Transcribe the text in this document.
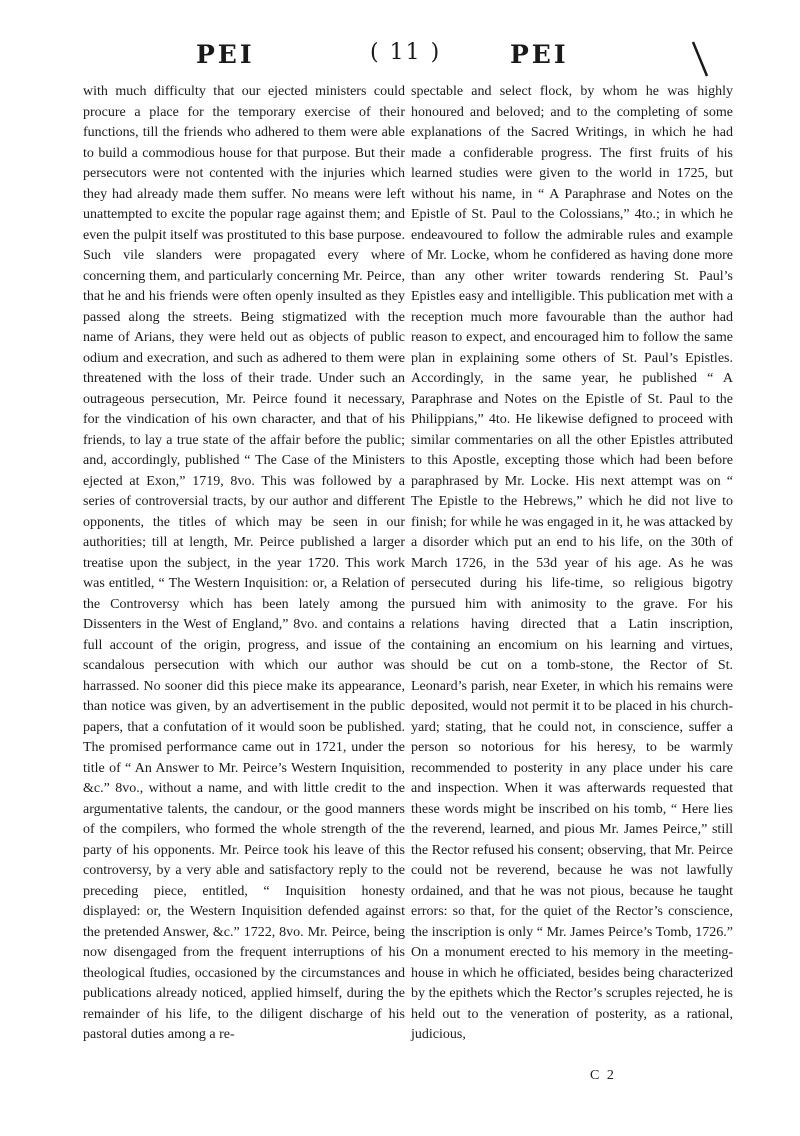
PEI	( 11 )	PEI

with much difficulty that our ejected ministers could procure a place for the temporary exercise of their functions, till the friends who adhered to them were able to build a commodious house for that purpose. But their persecutors were not contented with the injuries which they had already made them suffer. No means were left unattempted to excite the popular rage against them; and even the pulpit itself was prostituted to this base purpose. Such vile slanders were propagated every where concerning them, and particularly concerning Mr. Peirce, that he and his friends were often openly insulted as they passed along the streets. Being stigmatized with the name of Arians, they were held out as objects of public odium and execration, and such as adhered to them were threatened with the loss of their trade. Under such an outrageous persecution, Mr. Peirce found it necessary, for the vindication of his own character, and that of his friends, to lay a true state of the affair before the public; and, accordingly, published “ The Case of the Ministers ejected at Exon,” 1719, 8vo. This was followed by a series of controversial tracts, by our author and different opponents, the titles of which may be seen in our authorities; till at length, Mr. Peirce published a larger treatise upon the subject, in the year 1720. This work was entitled, “ The Western Inquisition: or, a Relation of the Controversy which has been lately among the Dissenters in the West of England,” 8vo. and contains a full account of the origin, progress, and issue of the scandalous persecution with which our author was harrassed. No sooner did this piece make its appearance, than notice was given, by an advertisement in the public papers, that a confutation of it would soon be published. The promised performance came out in 1721, under the title of “ An Answer to Mr. Peirce’s Western Inquisition, &c.” 8vo., without a name, and with little credit to the argumentative talents, the candour, or the good manners of the compilers, who formed the whole strength of the party of his opponents. Mr. Peirce took his leave of this controversy, by a very able and satisfactory reply to the preceding piece, entitled, “ Inquisition honesty displayed: or, the Western Inquisition defended against the pretended Answer, &c.” 1722, 8vo. Mr. Peirce, being now disengaged from the frequent interruptions of his theological ſtudies, occasioned by the circumstances and publications already noticed, applied himself, during the remainder of his life, to the diligent discharge of his pastoral duties among a re-

spectable and select flock, by whom he was highly honoured and beloved; and to the completing of some explanations of the Sacred Writings, in which he had made a confiderable progress. The first fruits of his learned studies were given to the world in 1725, but without his name, in “ A Paraphrase and Notes on the Epistle of St. Paul to the Colossians,” 4to.; in which he endeavoured to follow the admirable rules and example of Mr. Locke, whom he confidered as having done more than any other writer towards rendering St. Paul’s Epistles easy and intelligible. This publication met with a reception much more favourable than the author had reason to expect, and encouraged him to follow the same plan in explaining some others of St. Paul’s Epistles. Accordingly, in the same year, he published “ A Paraphrase and Notes on the Epistle of St. Paul to the Philippians,” 4to. He likewise defigned to proceed with similar commentaries on all the other Epistles attributed to this Apostle, excepting those which had been before paraphrased by Mr. Locke. His next attempt was on “ The Epistle to the Hebrews,” which he did not live to finish; for while he was engaged in it, he was attacked by a disorder which put an end to his life, on the 30th of March 1726, in the 53d year of his age. As he was persecuted during his life-time, so religious bigotry pursued him with animosity to the grave. For his relations having directed that a Latin inscription, containing an encomium on his learning and virtues, should be cut on a tomb-stone, the Rector of St. Leonard’s parish, near Exeter, in which his remains were deposited, would not permit it to be placed in his church-yard; stating, that he could not, in conscience, suffer a person so notorious for his heresy, to be warmly recommended to posterity in any place under his care and inspection. When it was afterwards requested that these words might be inscribed on his tomb, “ Here lies the reverend, learned, and pious Mr. James Peirce,” still the Rector refused his consent; observing, that Mr. Peirce could not be reverend, because he was not lawfully ordained, and that he was not pious, because he taught errors: so that, for the quiet of the Rector’s conscience, the inscription is only “ Mr. James Peirce’s Tomb, 1726.” On a monument erected to his memory in the meeting-house in which he officiated, besides being characterized by the epithets which the Rector’s scruples rejected, he is held out to the veneration of posterity, as a rational, judicious,

C 2
